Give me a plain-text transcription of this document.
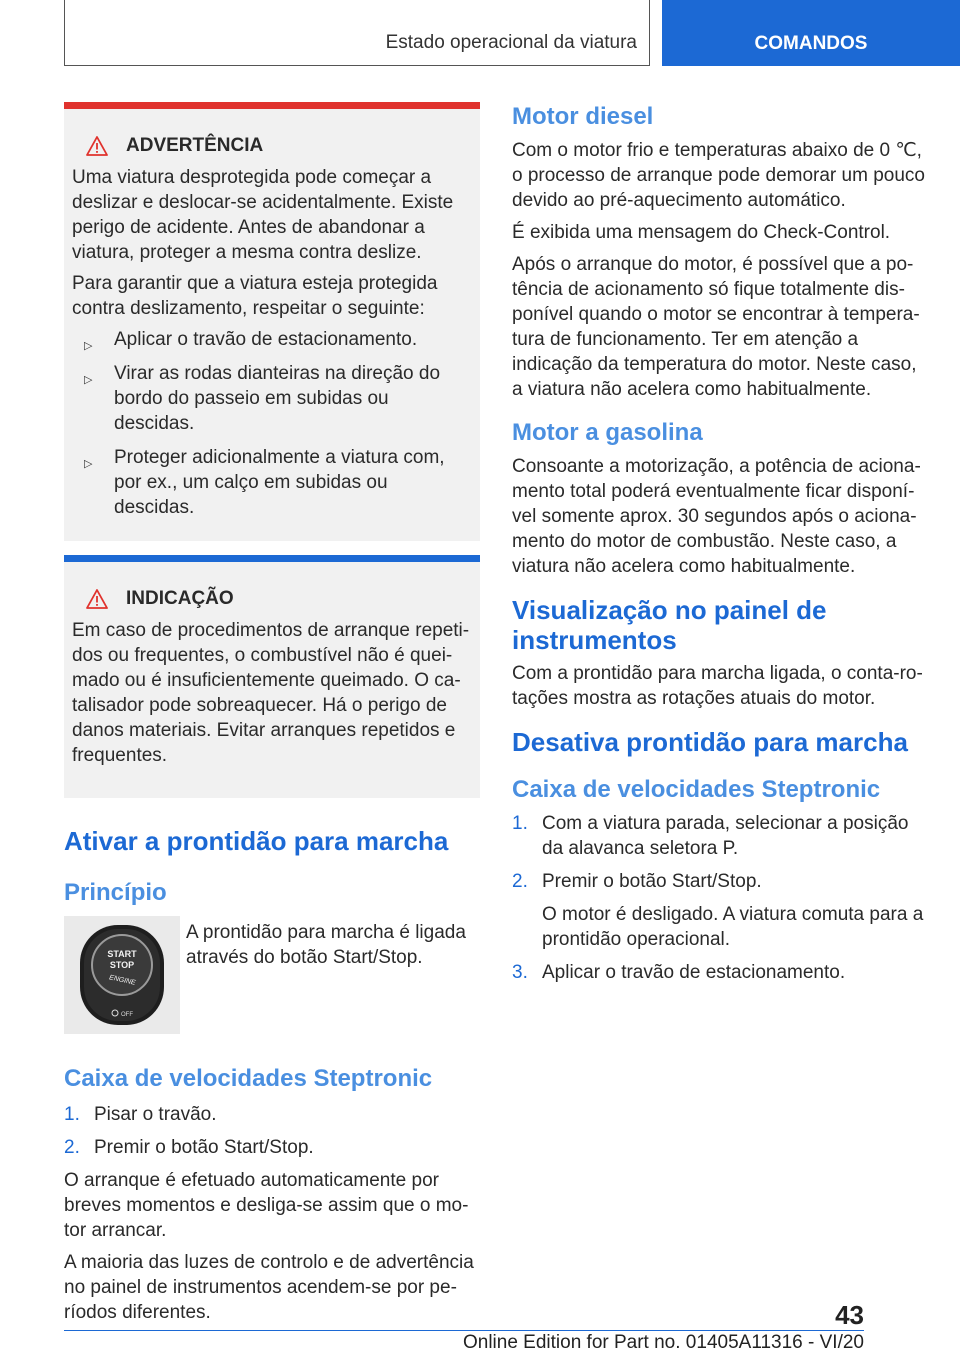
Estado operacional da viatura	COMANDOS
ADVERTÊNCIA

Uma viatura desprotegida pode começar a deslizar e deslocar-se acidentalmente. Existe perigo de acidente. Antes de abandonar a viatura, proteger a mesma contra deslize.

Para garantir que a viatura esteja protegida contra deslizamento, respeitar o seguinte:

▷ Aplicar o travão de estacionamento.
▷ Virar as rodas dianteiras na direção do bordo do passeio em subidas ou descidas.
▷ Proteger adicionalmente a viatura com, por ex., um calço em subidas ou descidas.
INDICAÇÃO

Em caso de procedimentos de arranque repetidos ou frequentes, o combustível não é queimado ou é insuficientemente queimado. O catalisador pode sobreaquecer. Há o perigo de danos materiais. Evitar arranques repetidos e frequentes.

Ativar a prontidão para marcha
Princípio
START
STOP
ENGINE
OFF
A prontidão para marcha é ligada através do botão Start/Stop.
Caixa de velocidades Steptronic
1. Pisar o travão.
2. Premir o botão Start/Stop.

O arranque é efetuado automaticamente por breves momentos e desliga-se assim que o motor arrancar.

A maioria das luzes de controlo e de advertência no painel de instrumentos acendem-se por períodos diferentes.

Motor diesel

Com o motor frio e temperaturas abaixo de 0 ℃, o processo de arranque pode demorar um pouco devido ao pré-aquecimento automático.

É exibida uma mensagem do Check-Control.

Após o arranque do motor, é possível que a potência de acionamento só fique totalmente disponível quando o motor se encontrar à temperatura de funcionamento. Ter em atenção a indicação da temperatura do motor. Neste caso, a viatura não acelera como habitualmente.

Motor a gasolina

Consoante a motorização, a potência de acionamento total poderá eventualmente ficar disponível somente aprox. 30 segundos após o acionamento do motor de combustão. Neste caso, a viatura não acelera como habitualmente.

Visualização no painel de instrumentos

Com a prontidão para marcha ligada, o conta-rotações mostra as rotações atuais do motor.

Desativa prontidão para marcha
Caixa de velocidades Steptronic
1. Com a viatura parada, selecionar a posição da alavanca seletora P.
2. Premir o botão Start/Stop.
O motor é desligado. A viatura comuta para a prontidão operacional.
3. Aplicar o travão de estacionamento.
43
Online Edition for Part no. 01405A11316 - VI/20
